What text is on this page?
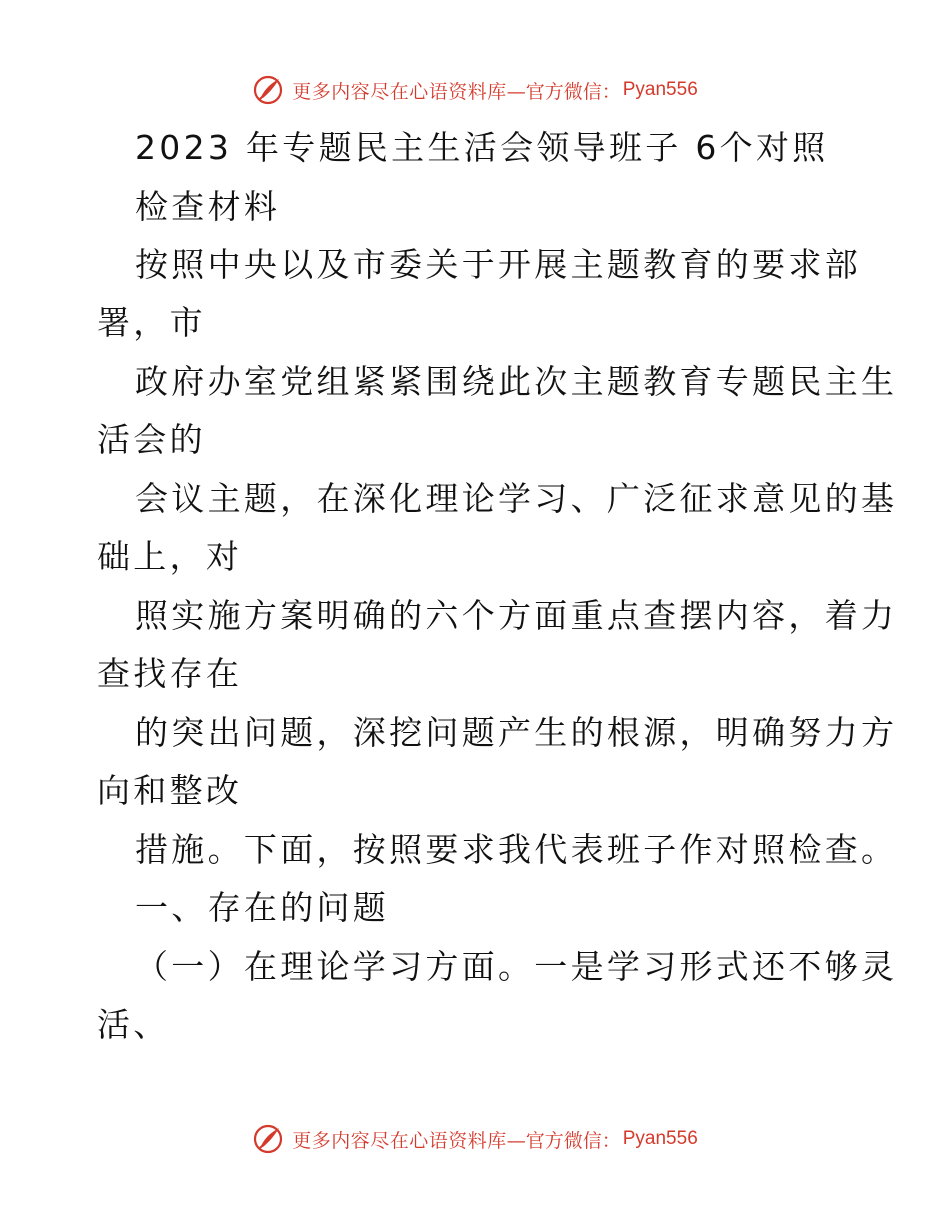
更多内容尽在心语资料库—官方微信： Pyan556
2023 年专题民主生活会领导班子 6个对照
检查材料
按照中央以及市委关于开展主题教育的要求部
署，市
政府办室党组紧紧围绕此次主题教育专题民主生
活会的
会议主题，在深化理论学习、广泛征求意见的基
础上，对
照实施方案明确的六个方面重点查摆内容，着力
查找存在
的突出问题，深挖问题产生的根源，明确努力方
向和整改
措施。下面，按照要求我代表班子作对照检查。
一、存在的问题
（一）在理论学习方面。一是学习形式还不够灵
活、
更多内容尽在心语资料库—官方微信： Pyan556
